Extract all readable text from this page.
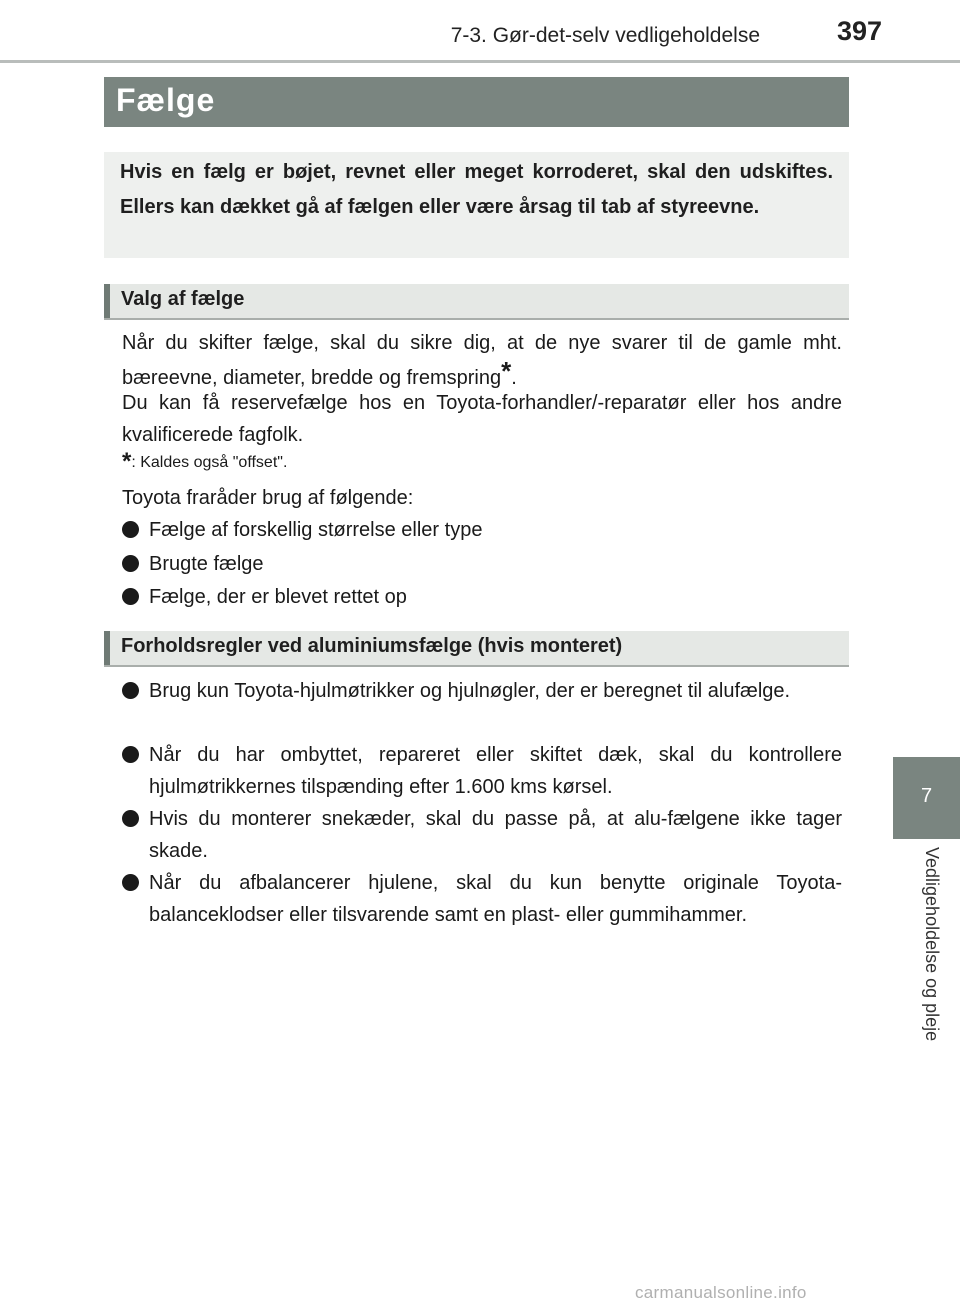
7-3. Gør-det-selv vedligeholdelse	397
7
Vedligeholdelse og pleje
Fælge
Hvis en fælg er bøjet, revnet eller meget korroderet, skal den udskiftes. Ellers kan dækket gå af fælgen eller være årsag til tab af styreevne.
Valg af fælge
Når du skifter fælge, skal du sikre dig, at de nye svarer til de gamle mht. bæreevne, diameter, bredde og fremspring*.
Du kan få reservefælge hos en Toyota-forhandler/-reparatør eller hos andre kvalificerede fagfolk.
*: Kaldes også "offset".
Toyota fraråder brug af følgende:
Fælge af forskellig størrelse eller type
Brugte fælge
Fælge, der er blevet rettet op
Forholdsregler ved aluminiumsfælge (hvis monteret)
Brug kun Toyota-hjulmøtrikker og hjulnøgler, der er beregnet til alufælge.
Når du har ombyttet, repareret eller skiftet dæk, skal du kontrollere hjulmøtrikkernes tilspænding efter 1.600 kms kørsel.
Hvis du monterer snekæder, skal du passe på, at alu-fælgene ikke tager skade.
Når du afbalancerer hjulene, skal du kun benytte originale Toyota-balanceklodser eller tilsvarende samt en plast- eller gummihammer.
carmanualsonline.info
